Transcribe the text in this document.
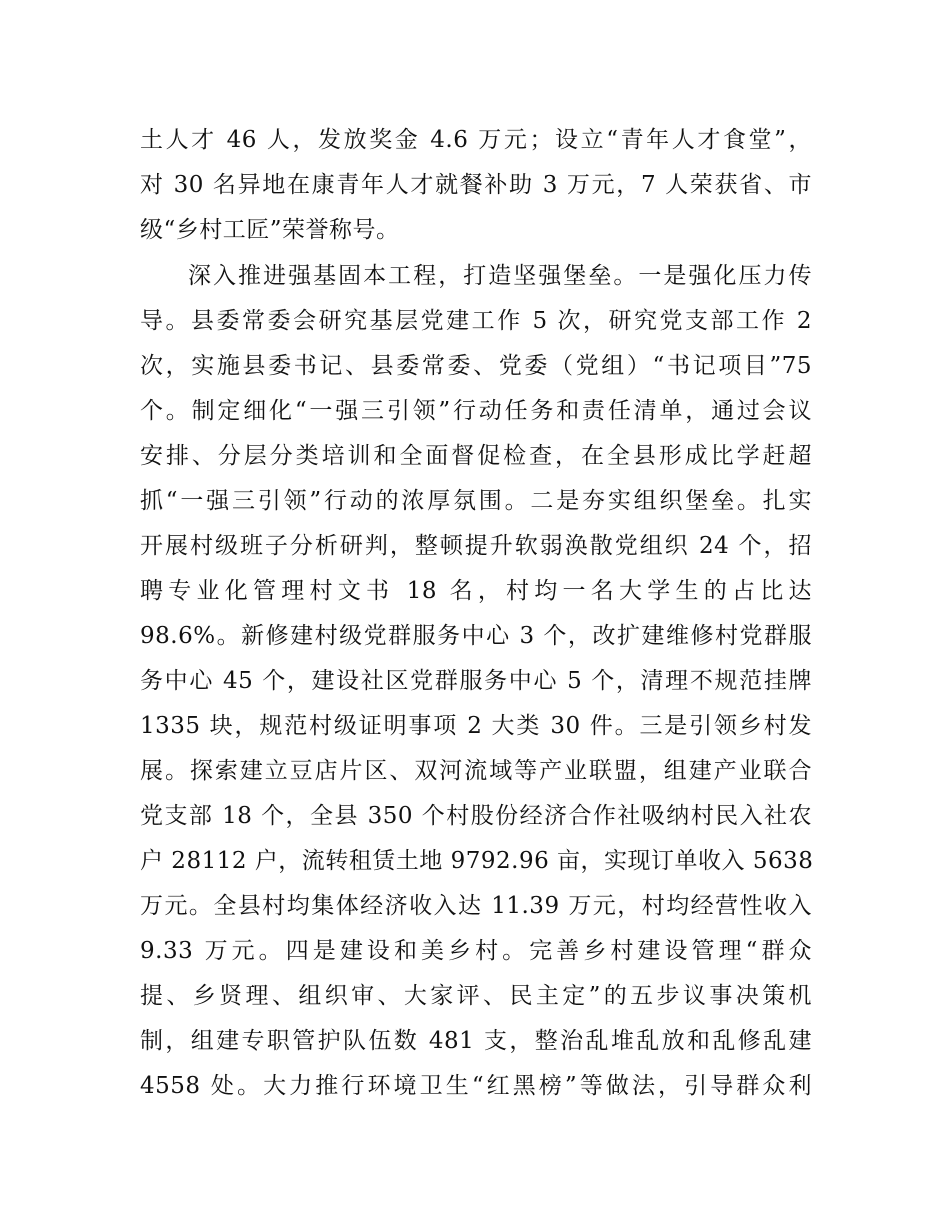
土人才 46 人，发放奖金 4.6 万元；设立“青年人才食堂”，
对 30 名异地在康青年人才就餐补助 3 万元，7 人荣获省、市
级“乡村工匠”荣誉称号。
深入推进强基固本工程，打造坚强堡垒。一是强化压力传
导。县委常委会研究基层党建工作 5 次，研究党支部工作 2
次，实施县委书记、县委常委、党委（党组）“书记项目”75
个。制定细化“一强三引领”行动任务和责任清单，通过会议
安排、分层分类培训和全面督促检查，在全县形成比学赶超
抓“一强三引领”行动的浓厚氛围。二是夯实组织堡垒。扎实
开展村级班子分析研判，整顿提升软弱涣散党组织 24 个，招
聘专业化管理村文书 18 名，村均一名大学生的占比达
98.6%。新修建村级党群服务中心 3 个，改扩建维修村党群服
务中心 45 个，建设社区党群服务中心 5 个，清理不规范挂牌
1335 块，规范村级证明事项 2 大类 30 件。三是引领乡村发
展。探索建立豆店片区、双河流域等产业联盟，组建产业联合
党支部 18 个，全县 350 个村股份经济合作社吸纳村民入社农
户 28112 户，流转租赁土地 9792.96 亩，实现订单收入 5638
万元。全县村均集体经济收入达 11.39 万元，村均经营性收入
9.33 万元。四是建设和美乡村。完善乡村建设管理“群众
提、乡贤理、组织审、大家评、民主定”的五步议事决策机
制，组建专职管护队伍数 481 支，整治乱堆乱放和乱修乱建
4558 处。大力推行环境卫生“红黑榜”等做法，引导群众利
